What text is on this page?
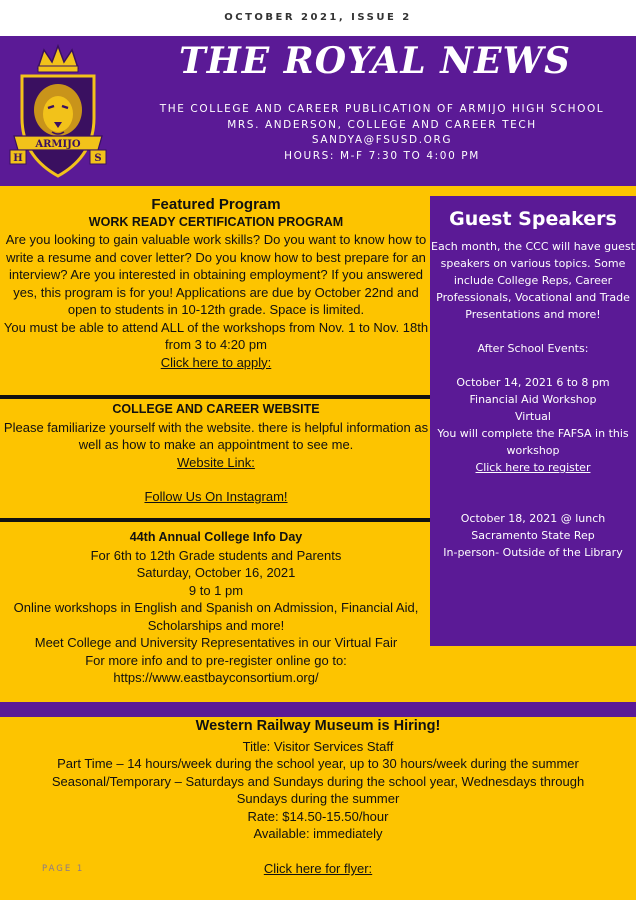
OCTOBER 2021, ISSUE 2
ARMIJO
H	S
THE ROYAL NEWS
THE COLLEGE AND CAREER PUBLICATION OF ARMIJO HIGH SCHOOL
MRS. ANDERSON, COLLEGE AND CAREER TECH
SANDYA@FSUSD.ORG
HOURS: M-F 7:30 TO 4:00 PM

Featured Program

WORK READY CERTIFICATION PROGRAM

Are you looking to gain valuable work skills? Do you want to know how to write a resume and cover letter? Do you know how to best prepare for an interview? Are you interested in obtaining employment? If you answered yes, this program is for you! Applications are due by October 22nd and open to students in 10-12th grade. Space is limited.

You must be able to attend ALL of the workshops from Nov. 1 to Nov. 18th from 3 to 4:20 pm

Click here to apply:

COLLEGE AND CAREER WEBSITE

Please familiarize yourself with the website. there is helpful information as well as how to make an appointment to see me.

Website Link:

Follow Us On Instagram!

44th Annual College Info Day

For 6th to 12th Grade students and Parents

Saturday, October 16, 2021

9 to 1 pm

Online workshops in English and Spanish on Admission, Financial Aid, Scholarships and more!

Meet College and University Representatives in our Virtual Fair

For more info and to pre-register online go to:

https://www.eastbayconsortium.org/

Guest Speakers

Each month, the CCC will have guest speakers on various topics. Some include College Reps, Career Professionals, Vocational and Trade Presentations and more!

After School Events:

October 14, 2021 6 to 8 pm

Financial Aid Workshop

Virtual

You will complete the FAFSA in this workshop

Click here to register

October 18, 2021 @ lunch

Sacramento State Rep

In-person- Outside of the Library

Western Railway Museum is Hiring!

Title: Visitor Services Staff

Part Time – 14 hours/week during the school year, up to 30 hours/week during the summer

Seasonal/Temporary – Saturdays and Sundays during the school year, Wednesdays through Sundays during the summer

Rate: $14.50-15.50/hour

Available: immediately

PAGE 1	Click here for flyer:
